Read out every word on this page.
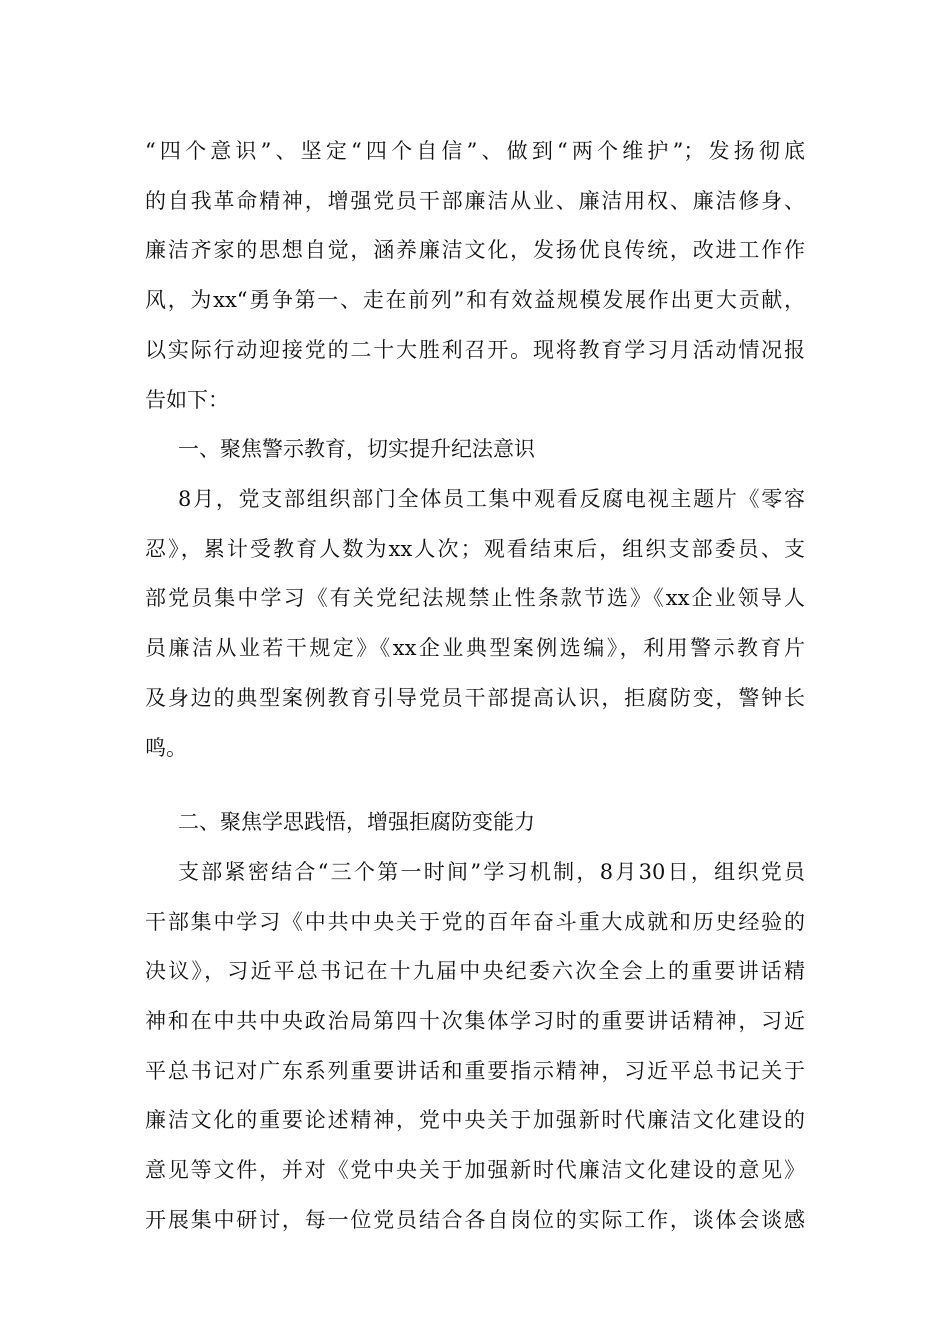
“四个意识”、坚定“四个自信”、做到“两个维护”；发扬彻底
的自我革命精神，增强党员干部廉洁从业、廉洁用权、廉洁修身、
廉洁齐家的思想自觉，涵养廉洁文化，发扬优良传统，改进工作作
风，为xx“勇争第一、走在前列”和有效益规模发展作出更大贡献，
以实际行动迎接党的二十大胜利召开。现将教育学习月活动情况报
告如下：
一、聚焦警示教育，切实提升纪法意识
8月，党支部组织部门全体员工集中观看反腐电视主题片《零容
忍》，累计受教育人数为xx人次；观看结束后，组织支部委员、支
部党员集中学习《有关党纪法规禁止性条款节选》《xx企业领导人
员廉洁从业若干规定》《xx企业典型案例选编》，利用警示教育片
及身边的典型案例教育引导党员干部提高认识，拒腐防变，警钟长
鸣。
二、聚焦学思践悟，增强拒腐防变能力
支部紧密结合“三个第一时间”学习机制，8月30日，组织党员
干部集中学习《中共中央关于党的百年奋斗重大成就和历史经验的
决议》，习近平总书记在十九届中央纪委六次全会上的重要讲话精
神和在中共中央政治局第四十次集体学习时的重要讲话精神，习近
平总书记对广东系列重要讲话和重要指示精神，习近平总书记关于
廉洁文化的重要论述精神，党中央关于加强新时代廉洁文化建设的
意见等文件，并对《党中央关于加强新时代廉洁文化建设的意见》
开展集中研讨，每一位党员结合各自岗位的实际工作，谈体会谈感
